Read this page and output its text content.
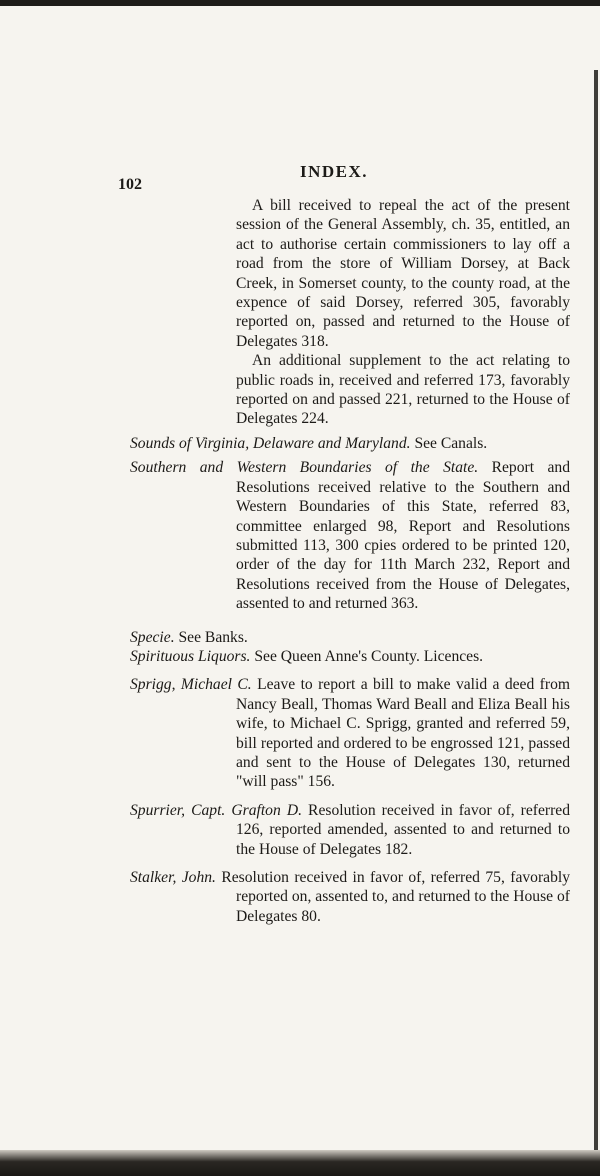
102
INDEX.

A bill received to repeal the act of the present session of the General Assembly, ch. 35, entitled, an act to authorise certain commissioners to lay off a road from the store of William Dorsey, at Back Creek, in Somerset county, to the county road, at the expence of said Dorsey, referred 305, favorably reported on, passed and returned to the House of Delegates 318.

An additional supplement to the act relating to public roads in, received and referred 173, favorably reported on and passed 221, returned to the House of Delegates 224.

Sounds of Virginia, Delaware and Maryland. See Canals.

Southern and Western Boundaries of the State. Report and Resolutions received relative to the Southern and Western Boundaries of this State, referred 83, committee enlarged 98, Report and Resolutions submitted 113, 300 cpies ordered to be printed 120, order of the day for 11th March 232, Report and Resolutions received from the House of Delegates, assented to and returned 363.

Specie. See Banks.

Spirituous Liquors. See Queen Anne's County. Licences.

Sprigg, Michael C. Leave to report a bill to make valid a deed from Nancy Beall, Thomas Ward Beall and Eliza Beall his wife, to Michael C. Sprigg, granted and referred 59, bill reported and ordered to be engrossed 121, passed and sent to the House of Delegates 130, returned "will pass" 156.

Spurrier, Capt. Grafton D. Resolution received in favor of, referred 126, reported amended, assented to and returned to the House of Delegates 182.

Stalker, John. Resolution received in favor of, referred 75, favorably reported on, assented to, and returned to the House of Delegates 80.
